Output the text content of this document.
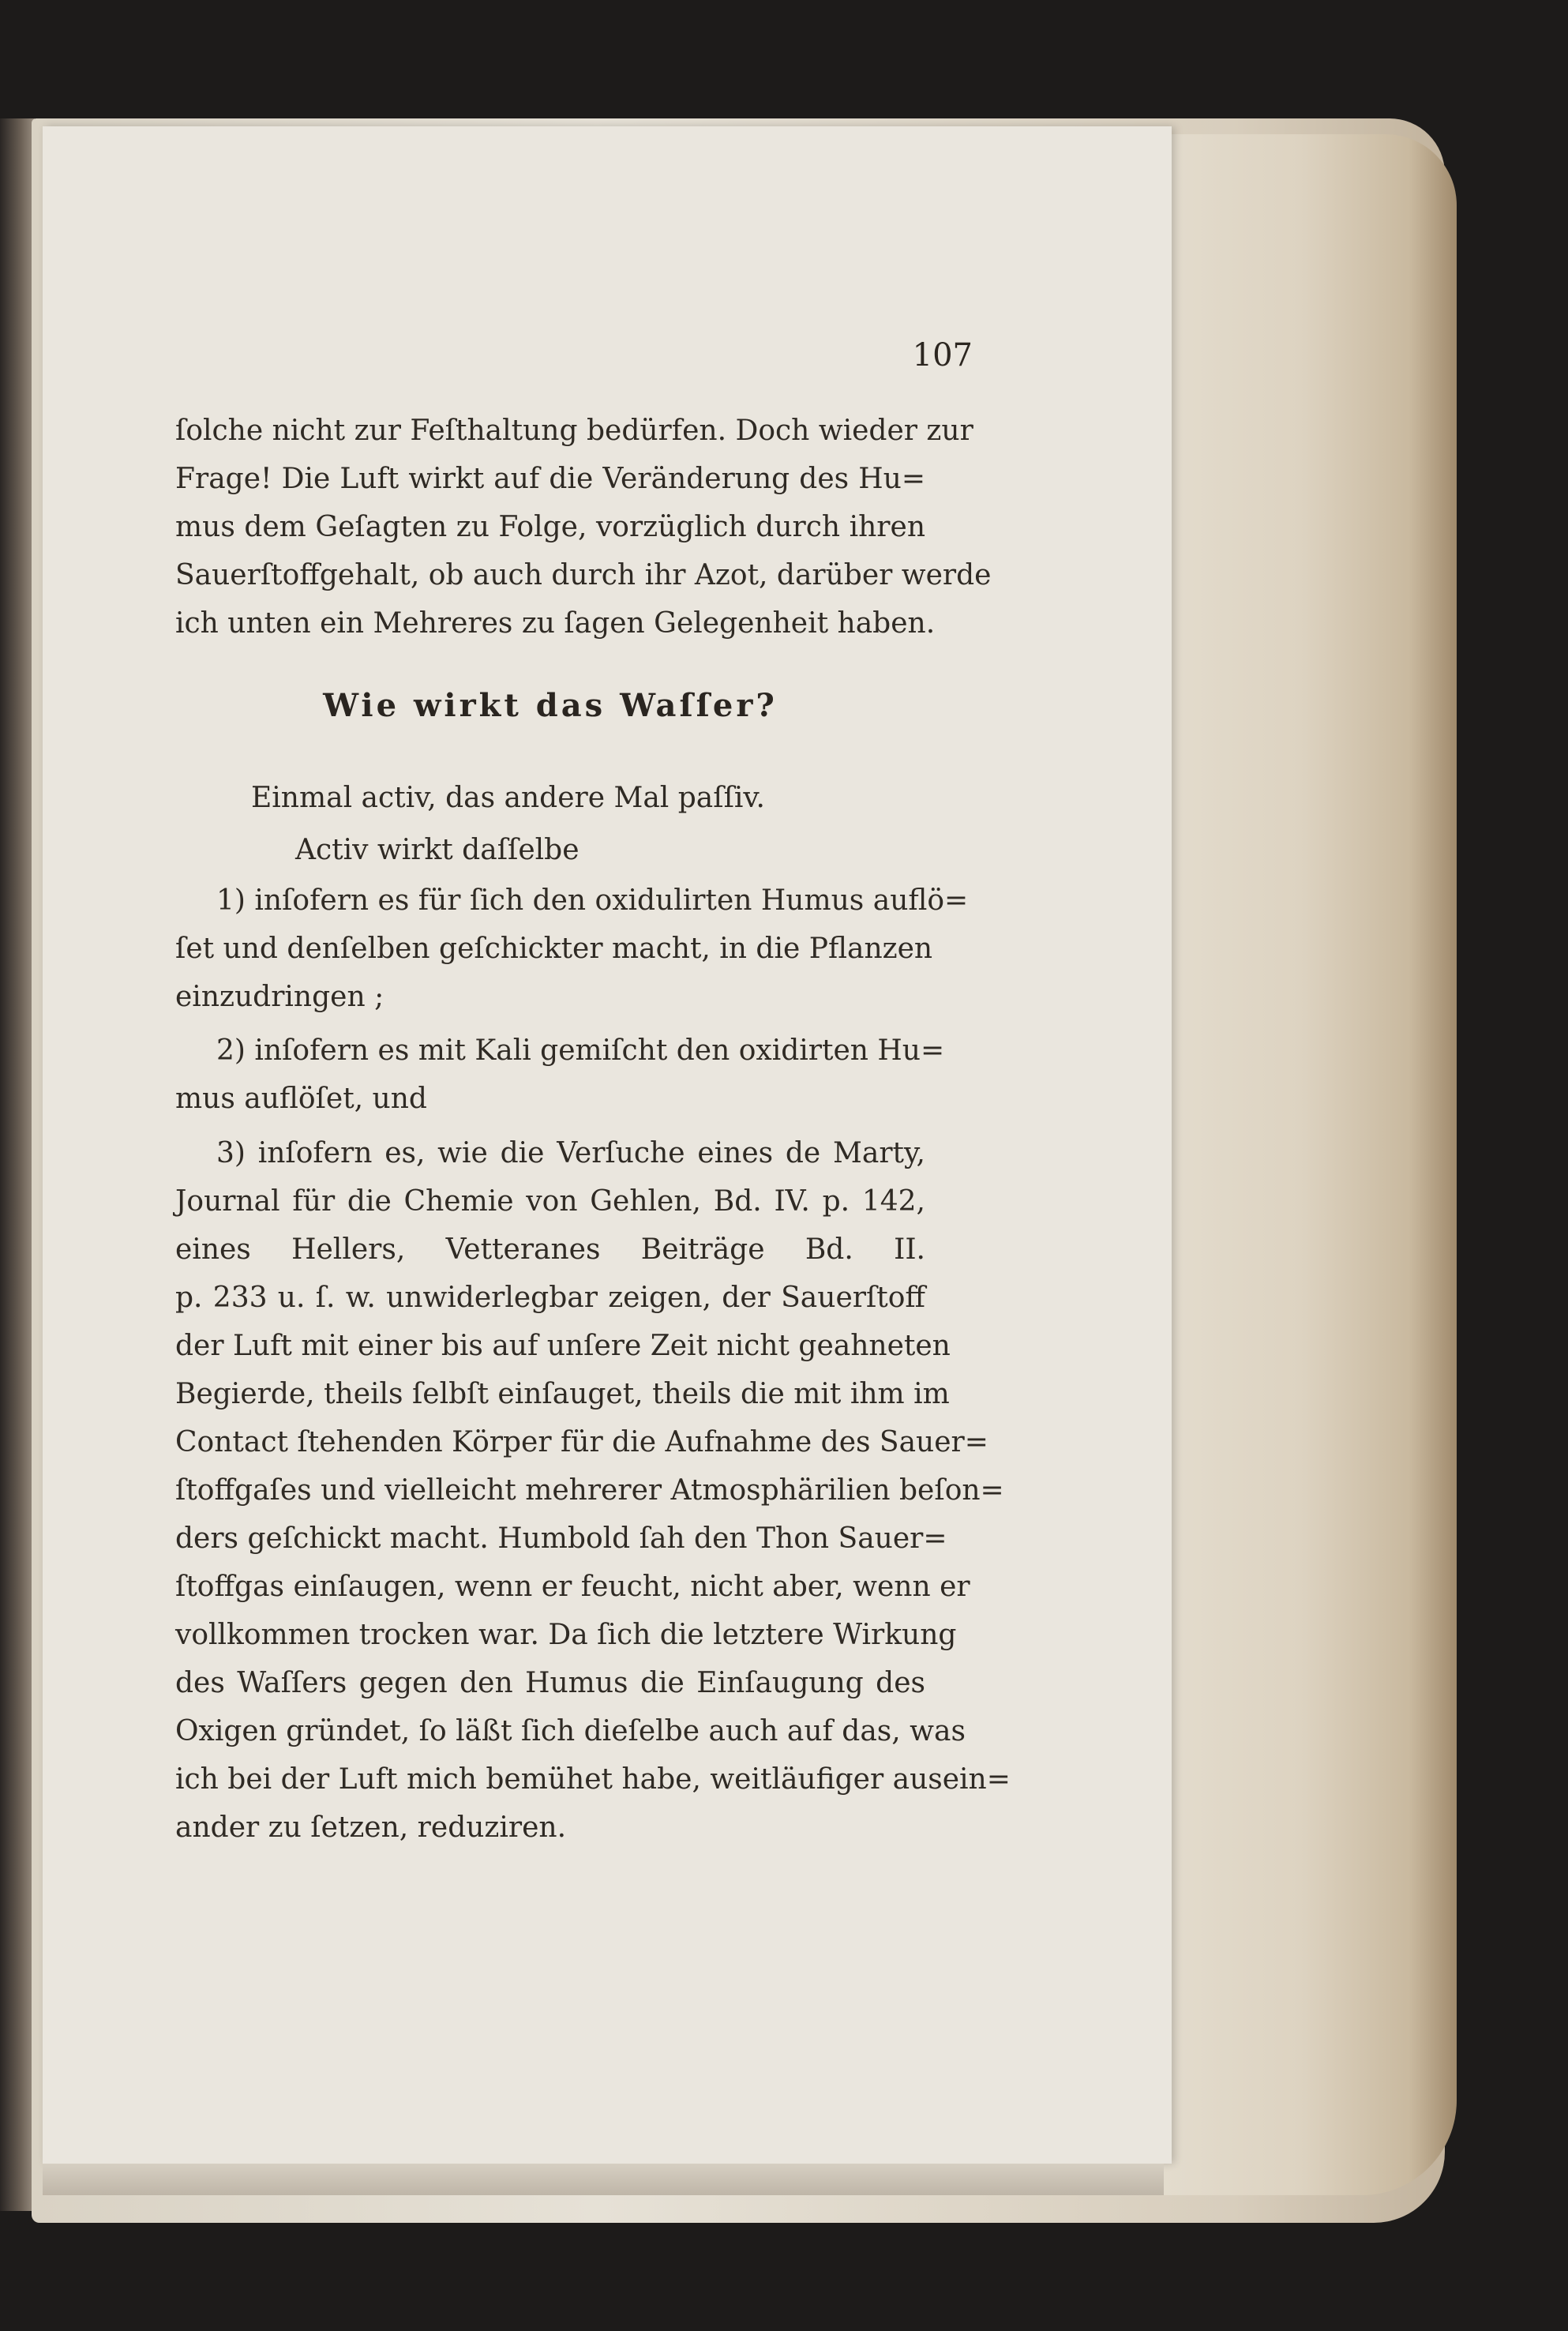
107
ſolche nicht zur Feſthaltung bedürfen. Doch wieder zur
Frage! Die Luft wirkt auf die Veränderung des Hu=
mus dem Geſagten zu Folge, vorzüglich durch ihren
Sauerſtoffgehalt, ob auch durch ihr Azot, darüber werde
ich unten ein Mehreres zu ſagen Gelegenheit haben.
Wie wirkt das Waſſer?
Einmal activ, das andere Mal paſſiv.
Activ wirkt daſſelbe
1) inſofern es für ſich den oxidulirten Humus auflö=
ſet und denſelben geſchickter macht, in die Pflanzen
einzudringen ;
2) inſofern es mit Kali gemiſcht den oxidirten Hu=
mus auflöſet, und
3) inſofern es, wie die Verſuche eines de Marty,
Journal für die Chemie von Gehlen, Bd. IV. p. 142,
eines Hellers, Vetteranes Beiträge Bd. II.
p. 233 u. ſ. w. unwiderlegbar zeigen, der Sauerſtoff
der Luft mit einer bis auf unſere Zeit nicht geahneten
Begierde, theils ſelbſt einſauget, theils die mit ihm im
Contact ſtehenden Körper für die Aufnahme des Sauer=
ſtoffgaſes und vielleicht mehrerer Atmosphärilien beſon=
ders geſchickt macht. Humbold ſah den Thon Sauer=
ſtoffgas einſaugen, wenn er feucht, nicht aber, wenn er
vollkommen trocken war. Da ſich die letztere Wirkung
des Waſſers gegen den Humus die Einſaugung des
Oxigen gründet, ſo läßt ſich dieſelbe auch auf das, was
ich bei der Luft mich bemühet habe, weitläufiger ausein=
ander zu ſetzen, reduziren.
